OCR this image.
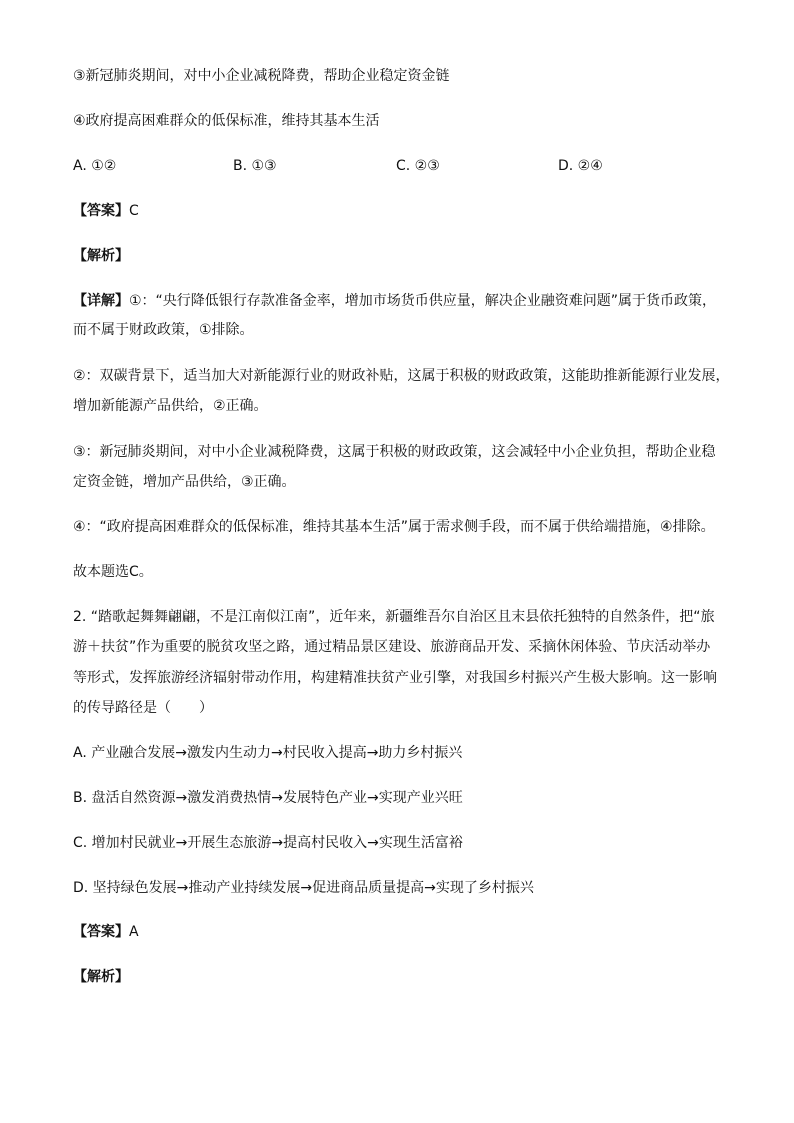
③新冠肺炎期间，对中小企业减税降费，帮助企业稳定资金链
④政府提高困难群众的低保标准，维持其基本生活
A. ①②	B. ①③	C. ②③	D. ②④
【答案】C
【解析】
【详解】①：“央行降低银行存款准备金率，增加市场货币供应量，解决企业融资难问题”属于货币政策，
而不属于财政政策，①排除。
②：双碳背景下，适当加大对新能源行业的财政补贴，这属于积极的财政政策，这能助推新能源行业发展，
增加新能源产品供给，②正确。
③：新冠肺炎期间，对中小企业减税降费，这属于积极的财政政策，这会减轻中小企业负担，帮助企业稳
定资金链，增加产品供给，③正确。
④：“政府提高困难群众的低保标准，维持其基本生活”属于需求侧手段，而不属于供给端措施，④排除。
故本题选C。
2. “踏歌起舞舞翩翩，不是江南似江南”，近年来，新疆维吾尔自治区且末县依托独特的自然条件，把“旅
游＋扶贫”作为重要的脱贫攻坚之路，通过精品景区建设、旅游商品开发、采摘休闲体验、节庆活动举办
等形式，发挥旅游经济辐射带动作用，构建精准扶贫产业引擎，对我国乡村振兴产生极大影响。这一影响
的传导路径是（　　）
A. 产业融合发展→激发内生动力→村民收入提高→助力乡村振兴
B. 盘活自然资源→激发消费热情→发展特色产业→实现产业兴旺
C. 增加村民就业→开展生态旅游→提高村民收入→实现生活富裕
D. 坚持绿色发展→推动产业持续发展→促进商品质量提高→实现了乡村振兴
【答案】A
【解析】
